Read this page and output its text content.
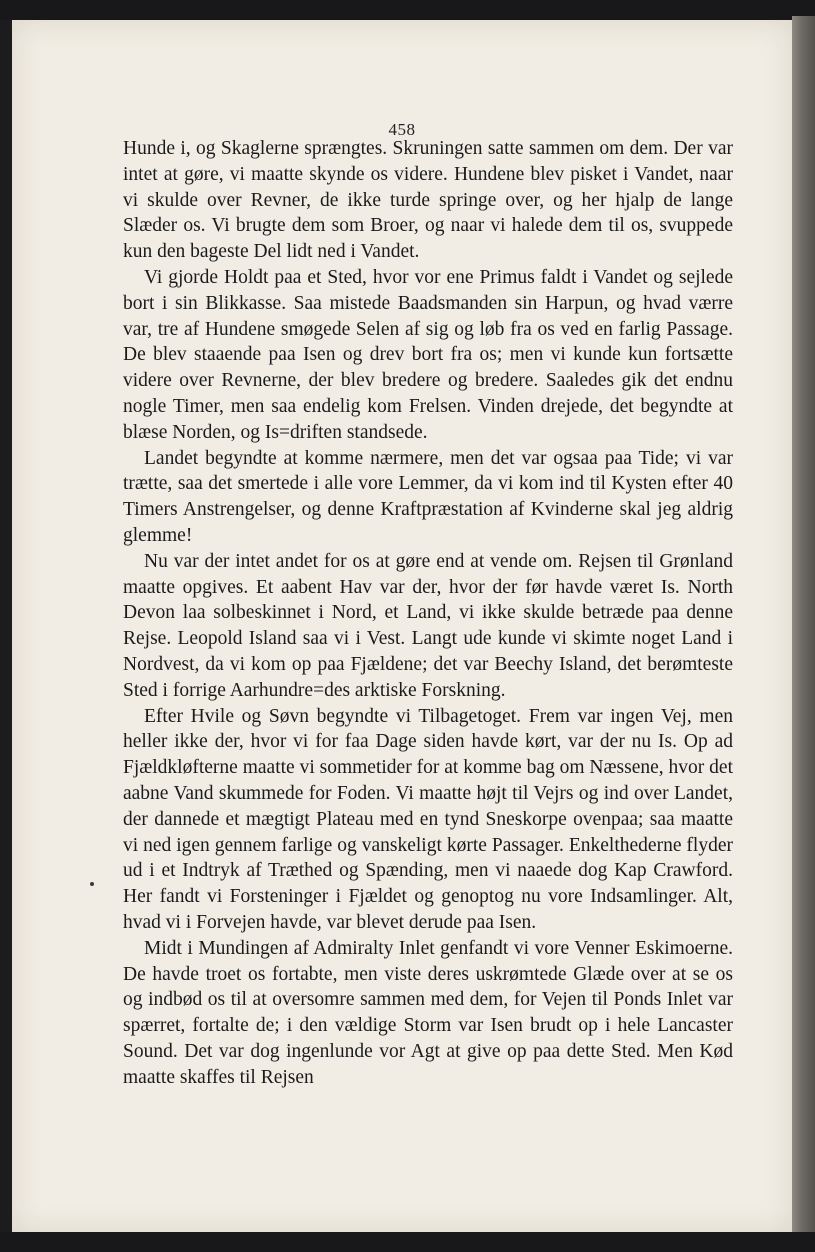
458

Hunde i, og Skaglerne sprængtes. Skruningen satte sammen om dem. Der var intet at gøre, vi maatte skynde os videre. Hundene blev pisket i Vandet, naar vi skulde over Revner, de ikke turde springe over, og her hjalp de lange Slæder os. Vi brugte dem som Broer, og naar vi halede dem til os, svuppede kun den bageste Del lidt ned i Vandet.

Vi gjorde Holdt paa et Sted, hvor vor ene Primus faldt i Vandet og sejlede bort i sin Blikkasse. Saa mistede Baadsmanden sin Harpun, og hvad værre var, tre af Hundene smøgede Selen af sig og løb fra os ved en farlig Passage. De blev staaende paa Isen og drev bort fra os; men vi kunde kun fortsætte videre over Revnerne, der blev bredere og bredere. Saaledes gik det endnu nogle Timer, men saa endelig kom Frelsen. Vinden drejede, det begyndte at blæse Norden, og Is=driften standsede.

Landet begyndte at komme nærmere, men det var ogsaa paa Tide; vi var trætte, saa det smertede i alle vore Lemmer, da vi kom ind til Kysten efter 40 Timers Anstrengelser, og denne Kraftpræstation af Kvinderne skal jeg aldrig glemme!

Nu var der intet andet for os at gøre end at vende om. Rejsen til Grønland maatte opgives. Et aabent Hav var der, hvor der før havde været Is. North Devon laa solbeskinnet i Nord, et Land, vi ikke skulde betræde paa denne Rejse. Leopold Island saa vi i Vest. Langt ude kunde vi skimte noget Land i Nordvest, da vi kom op paa Fjældene; det var Beechy Island, det berømteste Sted i forrige Aarhundre=des arktiske Forskning.

Efter Hvile og Søvn begyndte vi Tilbagetoget. Frem var ingen Vej, men heller ikke der, hvor vi for faa Dage siden havde kørt, var der nu Is. Op ad Fjældkløfterne maatte vi sommetider for at komme bag om Næssene, hvor det aabne Vand skummede for Foden. Vi maatte højt til Vejrs og ind over Landet, der dannede et mægtigt Plateau med en tynd Sneskorpe ovenpaa; saa maatte vi ned igen gennem farlige og vanskeligt kørte Passager. Enkelthederne flyder ud i et Indtryk af Træthed og Spænding, men vi naaede dog Kap Crawford. Her fandt vi Forsteninger i Fjældet og genoptog nu vore Indsamlinger. Alt, hvad vi i Forvejen havde, var blevet derude paa Isen.

Midt i Mundingen af Admiralty Inlet genfandt vi vore Venner Eskimoerne. De havde troet os fortabte, men viste deres uskrømtede Glæde over at se os og indbød os til at oversomre sammen med dem, for Vejen til Ponds Inlet var spærret, fortalte de; i den vældige Storm var Isen brudt op i hele Lancaster Sound. Det var dog ingenlunde vor Agt at give op paa dette Sted. Men Kød maatte skaffes til Rejsen
